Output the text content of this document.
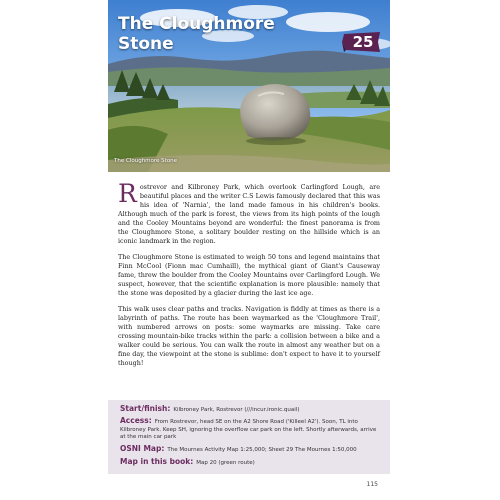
The Cloughmore
Stone	25
The Cloughmore Stone

Rostrevor and Kilbroney Park, which overlook Carlingford Lough, are beautiful places and the writer C.S Lewis famously declared that this was his idea of 'Narnia', the land made famous in his children's books. Although much of the park is forest, the views from its high points of the lough and the Cooley Mountains beyond are wonderful: the finest panorama is from the Cloughmore Stone, a solitary boulder resting on the hillside which is an iconic landmark in the region.

The Cloughmore Stone is estimated to weigh 50 tons and legend maintains that Finn McCool (Fionn mac Cumhaill), the mythical giant of Giant's Causeway fame, threw the boulder from the Cooley Mountains over Carlingford Lough. We suspect, however, that the scientific explanation is more plausible: namely that the stone was deposited by a glacier during the last ice age.

This walk uses clear paths and tracks. Navigation is fiddly at times as there is a labyrinth of paths. The route has been waymarked as the 'Cloughmore Trail', with numbered arrows on posts: some waymarks are missing. Take care crossing mountain-bike tracks within the park: a collision between a bike and a walker could be serious. You can walk the route in almost any weather but on a fine day, the viewpoint at the stone is sublime: don't expect to have it to yourself though!

Start/finish: Kilbroney Park, Rostrevor (///incur.ironic.quail)
Access: From Rostrevor, head SE on the A2 Shore Road ('Killeel A2'). Soon, TL into Kilbroney Park. Keep SH, ignoring the overflow car park on the left. Shortly afterwards, arrive at the main car park
OSNI Map: The Mournes Activity Map 1:25,000; Sheet 29 The Mournes 1:50,000
Map in this book: Map 20 (green route)
115
